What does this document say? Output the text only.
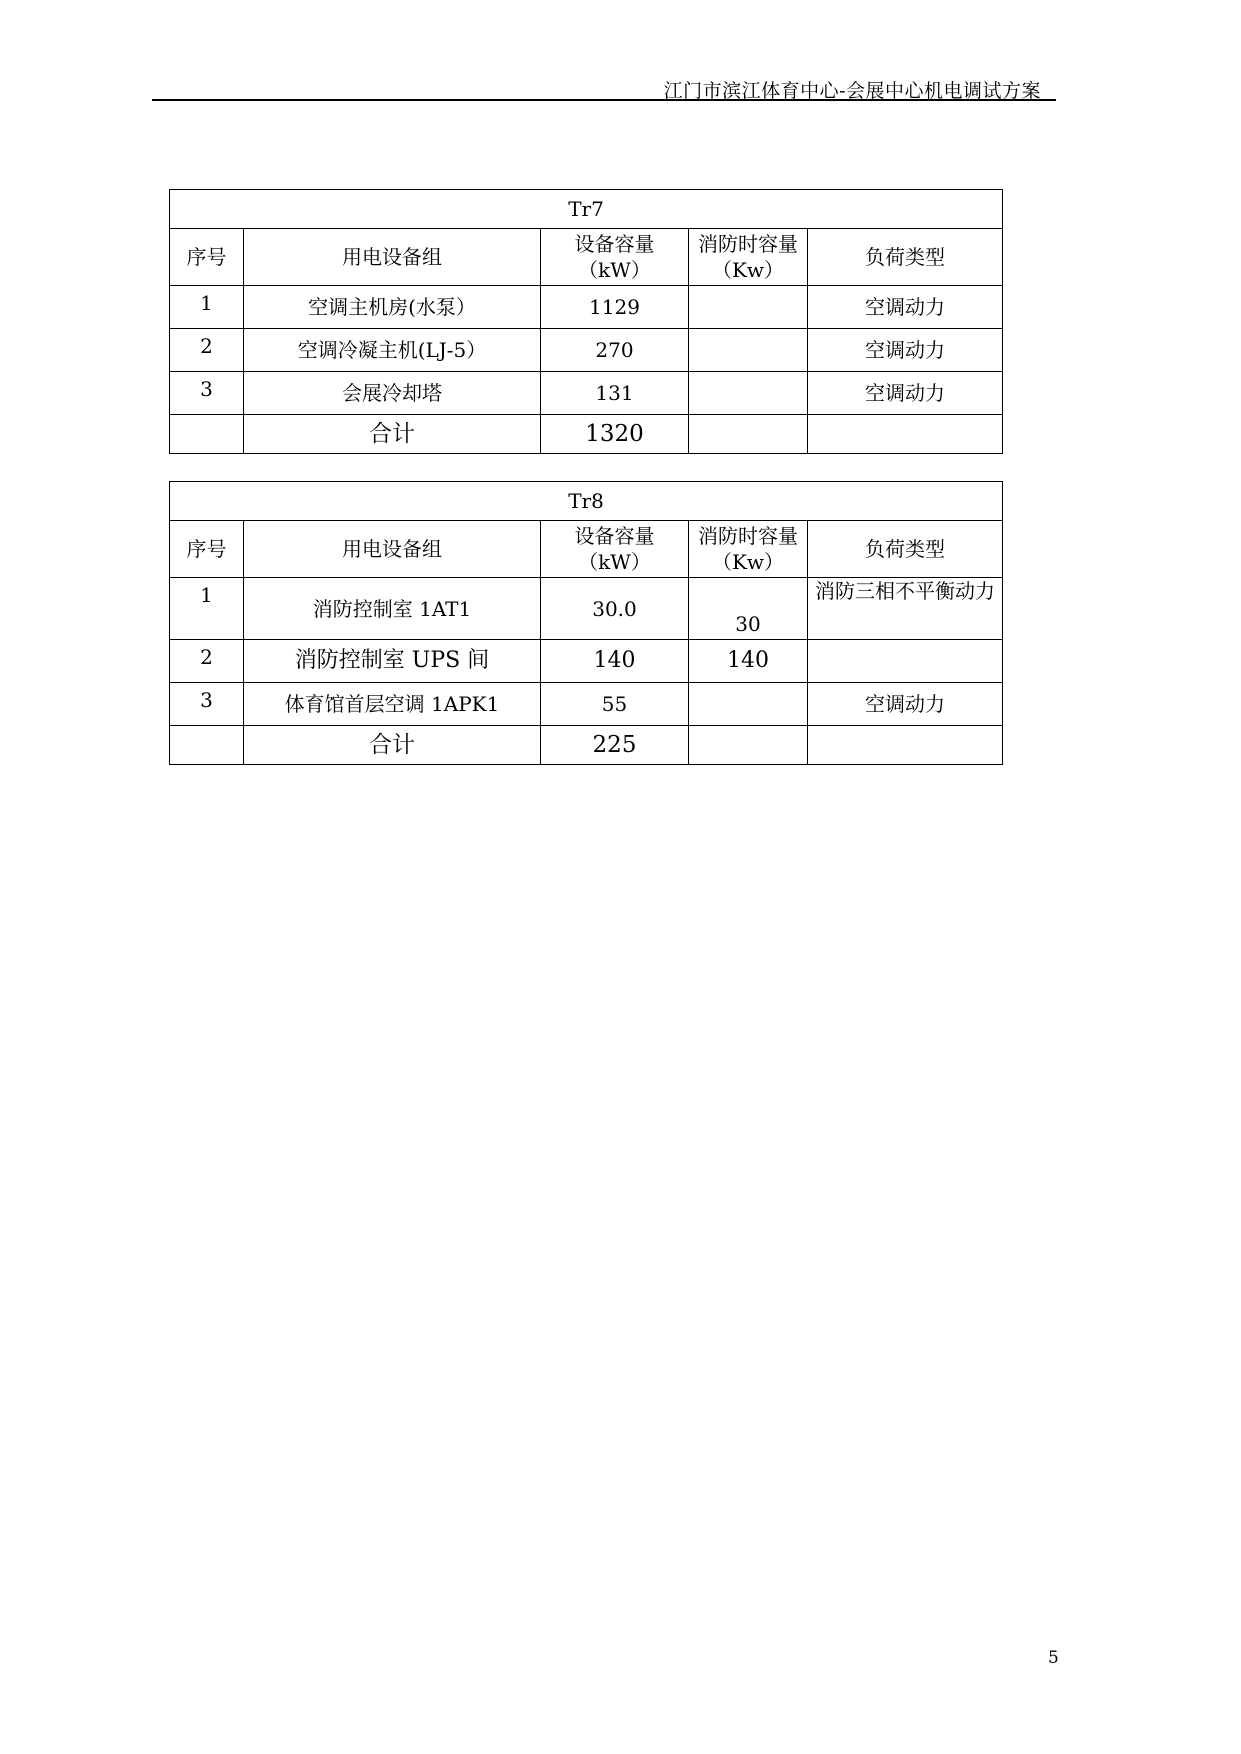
江门市滨江体育中心-会展中心机电调试方案
Tr7				
序号	用电设备组	设备容量（kW）	消防时容量（Kw）	负荷类型
1	空调主机房(水泵）	1129		空调动力
2	空调冷凝主机(LJ-5）	270		空调动力
3	会展冷却塔	131		空调动力
	合计	1320		
Tr8				
序号	用电设备组	设备容量（kW）	消防时容量（Kw）	负荷类型
1	消防控制室 1AT1	30.0	30	消防三相不平衡动力
2	消防控制室 UPS 间	140	140	
3	体育馆首层空调 1APK1	55		空调动力
	合计	225		
5
